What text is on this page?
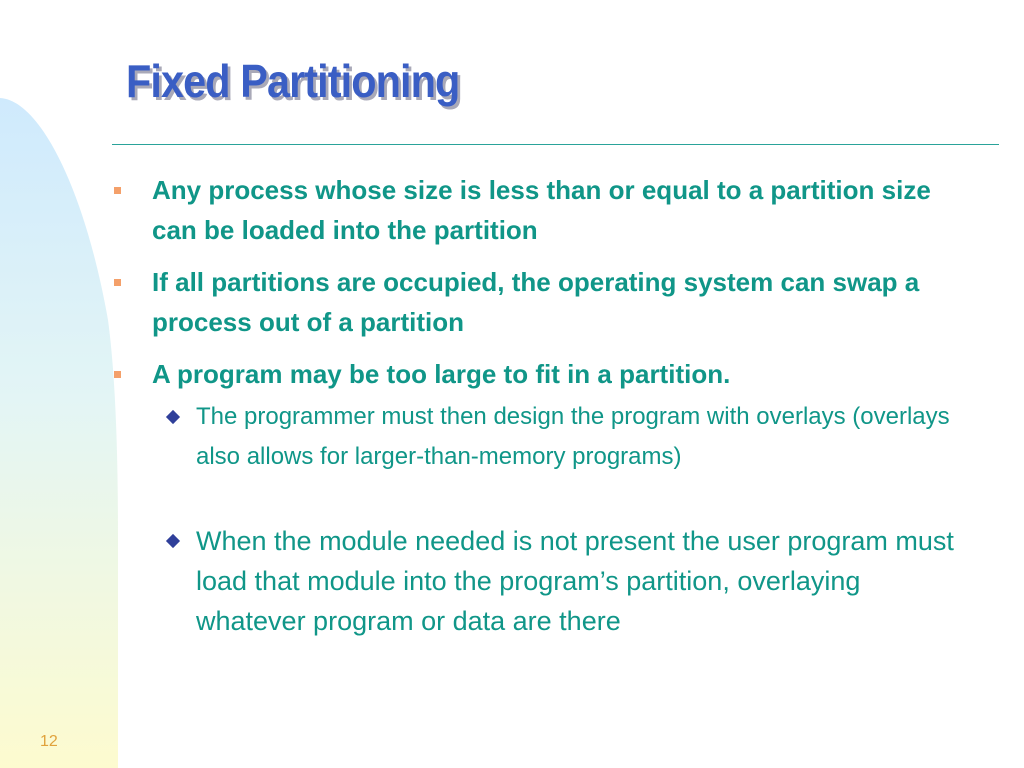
Fixed Partitioning
Any process whose size is less than or equal to a partition size can be loaded into the partition
If all partitions are occupied, the operating system can swap a process out of a partition
A program may be too large to fit in a partition.
The programmer must then design the program with overlays (overlays also allows for larger-than-memory programs)
When the module needed is not present the user program must load that module into the program’s partition, overlaying whatever program or data are there
12
